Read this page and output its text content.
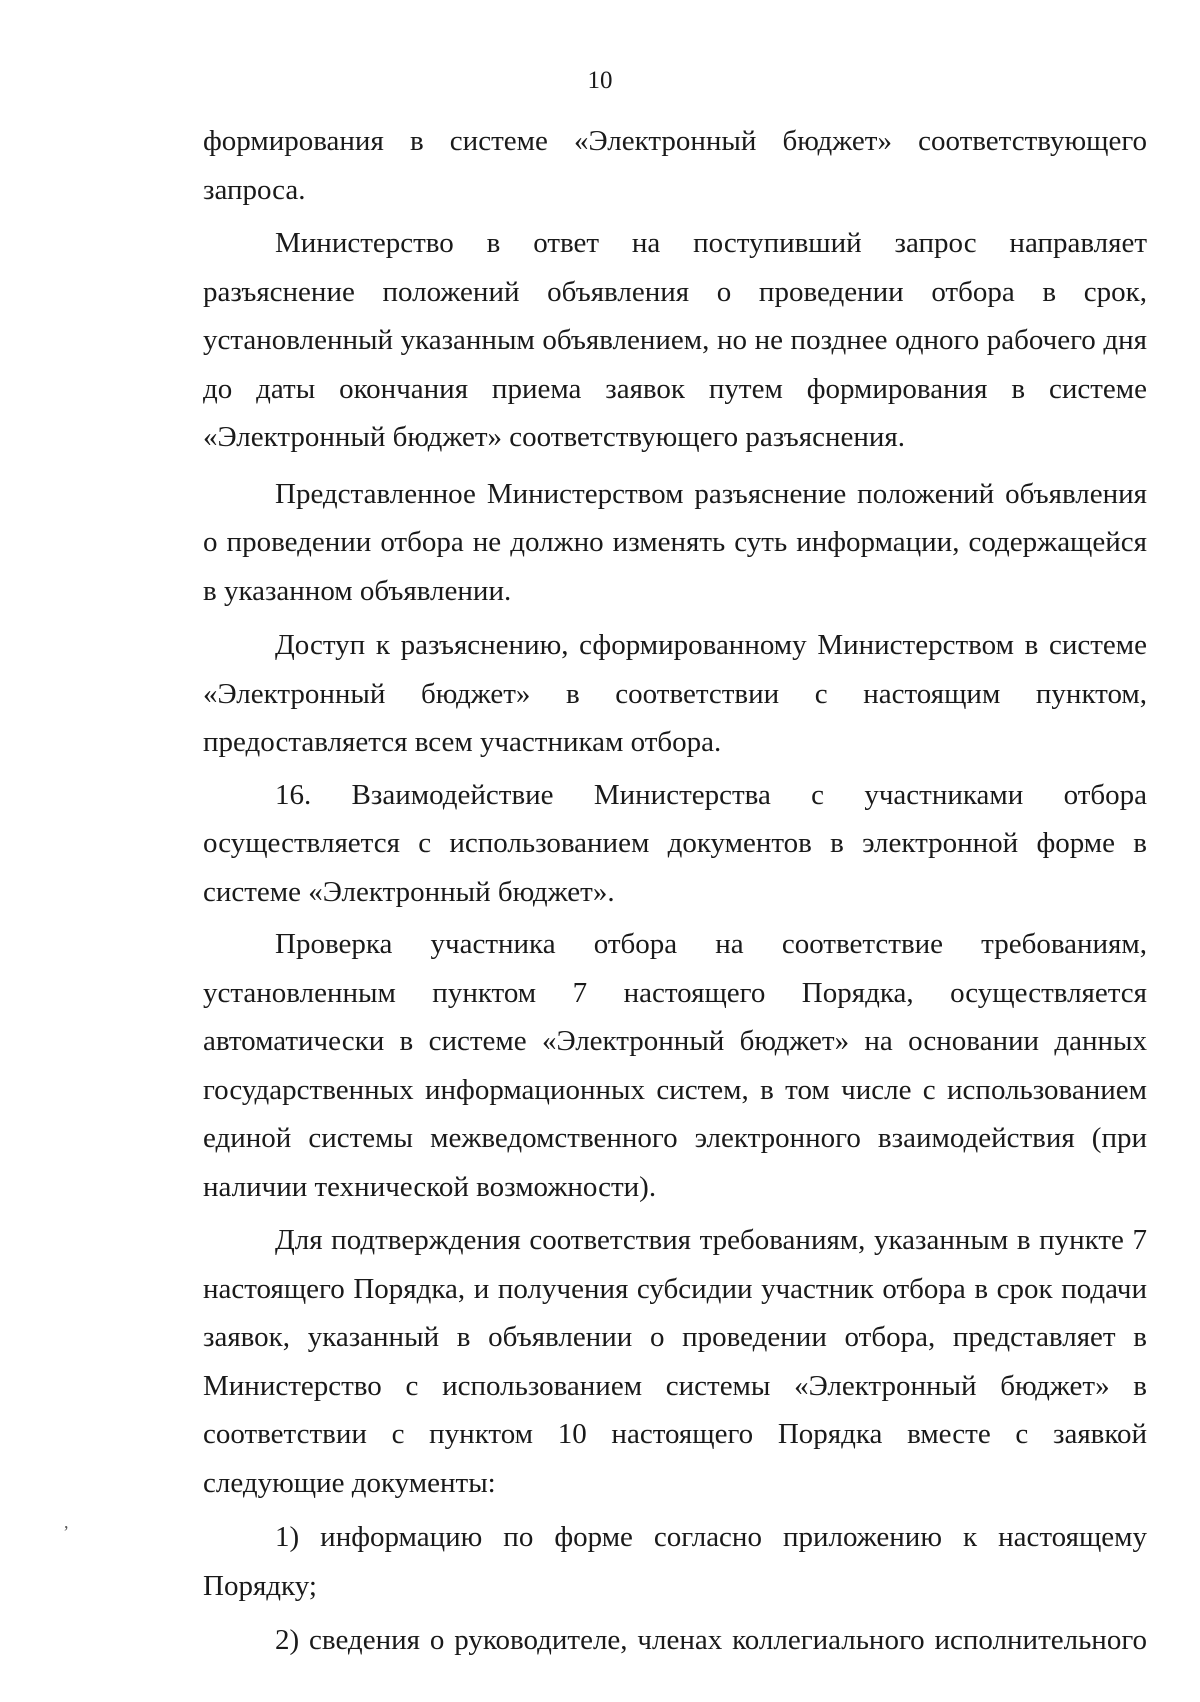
10

формирования в системе «Электронный бюджет» соответствующего запроса.

Министерство в ответ на поступивший запрос направляет разъяснение положений объявления о проведении отбора в срок, установленный указанным объявлением, но не позднее одного рабочего дня до даты окончания приема заявок путем формирования в системе «Электронный бюджет» соответствующего разъяснения.

Представленное Министерством разъяснение положений объявления о проведении отбора не должно изменять суть информации, содержащейся в указанном объявлении.

Доступ к разъяснению, сформированному Министерством в системе «Электронный бюджет» в соответствии с настоящим пунктом, предоставляется всем участникам отбора.

16. Взаимодействие Министерства с участниками отбора осуществляется с использованием документов в электронной форме в системе «Электронный бюджет».

Проверка участника отбора на соответствие требованиям, установленным пунктом 7 настоящего Порядка, осуществляется автоматически в системе «Электронный бюджет» на основании данных государственных информационных систем, в том числе с использованием единой системы межведомственного электронного взаимодействия (при наличии технической возможности).

Для подтверждения соответствия требованиям, указанным в пункте 7 настоящего Порядка, и получения субсидии участник отбора в срок подачи заявок, указанный в объявлении о проведении отбора, представляет в Министерство с использованием системы «Электронный бюджет» в соответствии с пунктом 10 настоящего Порядка вместе с заявкой следующие документы:

1) информацию по форме согласно приложению к настоящему Порядку;

2) сведения о руководителе, членах коллегиального исполнительного

,
